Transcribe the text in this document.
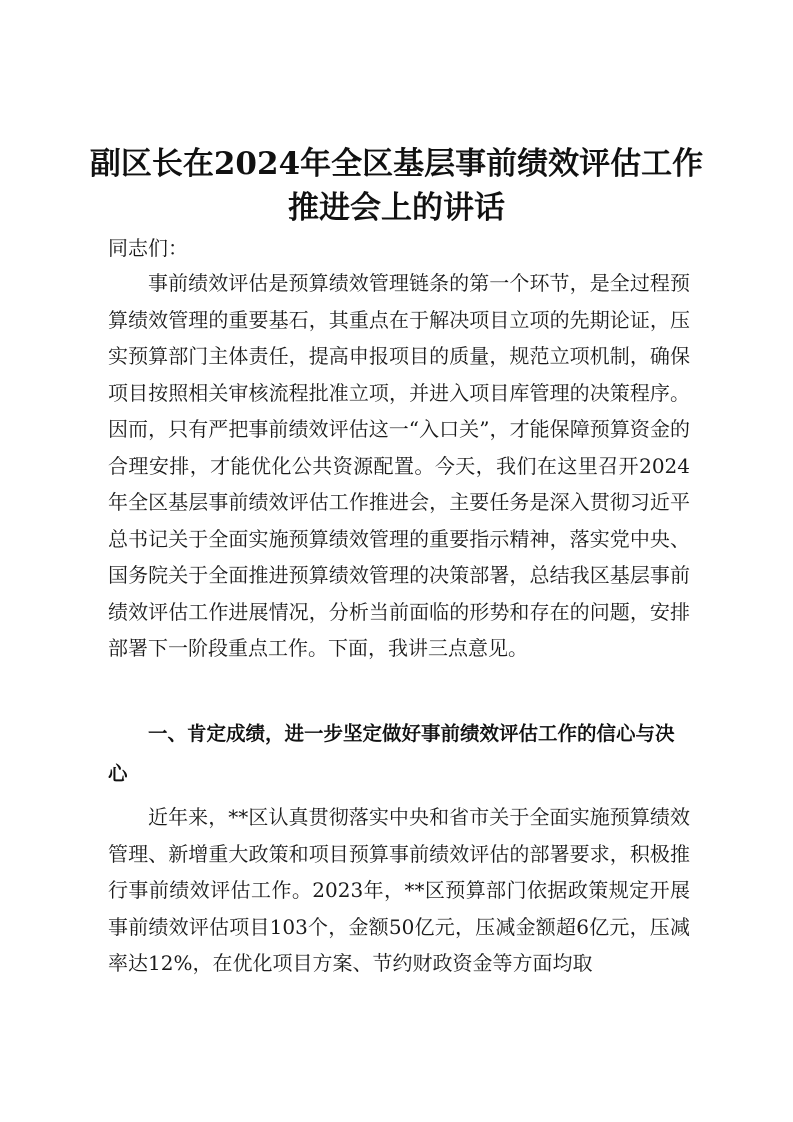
副区长在2024年全区基层事前绩效评估工作
推进会上的讲话
同志们：
事前绩效评估是预算绩效管理链条的第一个环节，是全过程预算绩效管理的重要基石，其重点在于解决项目立项的先期论证，压实预算部门主体责任，提高申报项目的质量，规范立项机制，确保项目按照相关审核流程批准立项，并进入项目库管理的决策程序。因而，只有严把事前绩效评估这一“入口关”，才能保障预算资金的合理安排，才能优化公共资源配置。今天，我们在这里召开2024年全区基层事前绩效评估工作推进会，主要任务是深入贯彻习近平总书记关于全面实施预算绩效管理的重要指示精神，落实党中央、国务院关于全面推进预算绩效管理的决策部署，总结我区基层事前绩效评估工作进展情况，分析当前面临的形势和存在的问题，安排部署下一阶段重点工作。下面，我讲三点意见。
一、肯定成绩，进一步坚定做好事前绩效评估工作的信心与决心
近年来，**区认真贯彻落实中央和省市关于全面实施预算绩效管理、新增重大政策和项目预算事前绩效评估的部署要求，积极推行事前绩效评估工作。2023年，**区预算部门依据政策规定开展事前绩效评估项目103个，金额50亿元，压减金额超6亿元，压减率达12%，在优化项目方案、节约财政资金等方面均取
